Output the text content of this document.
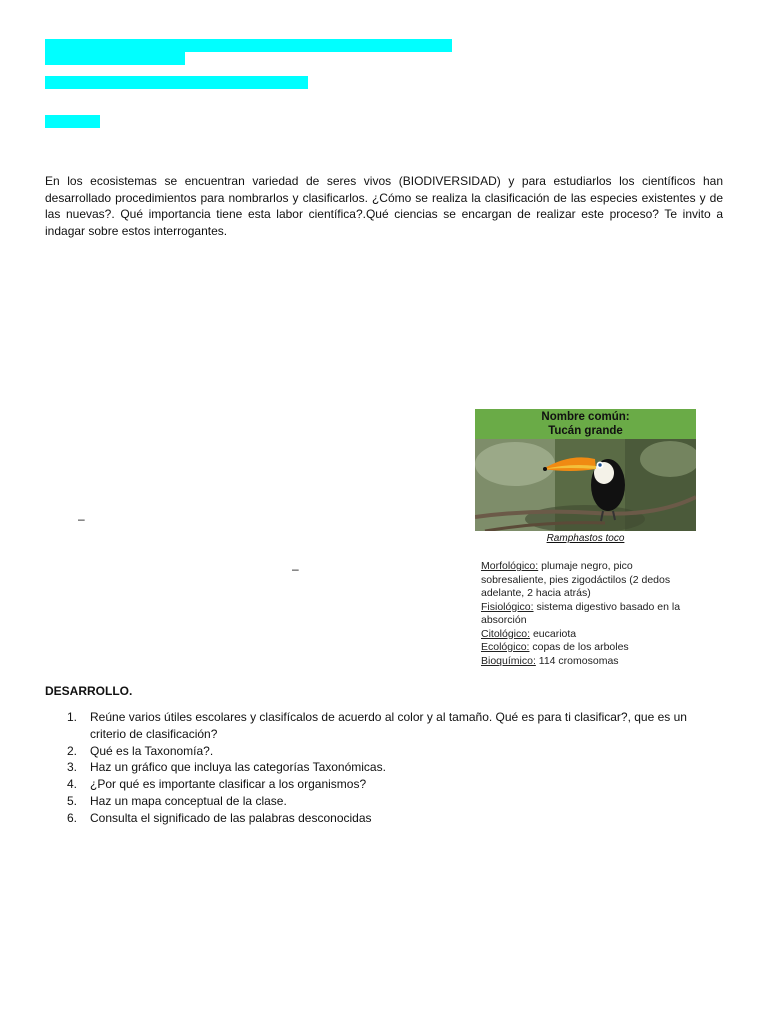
En los ecosistemas se encuentran variedad de seres vivos (BIODIVERSIDAD) y para estudiarlos los científicos han desarrollado procedimientos para nombrarlos y clasificarlos. ¿Cómo se realiza la clasificación de las especies existentes y de las nuevas?. Qué importancia tiene esta labor científica?.Qué ciencias se encargan de realizar este proceso? Te invito a indagar sobre estos interrogantes.

–
–
Nombre común:
Tucán grande
Ramphastos toco
Morfológico: plumaje negro, pico sobresaliente, pies zigodáctilos (2 dedos adelante, 2 hacia atrás)
Fisiológico: sistema digestivo basado en la absorción
Citológico: eucariota
Ecológico: copas de los arboles
Bioquímico: 114 cromosomas

DESARROLLO.

1. Reúne varios útiles escolares y clasifícalos de acuerdo al color y al tamaño. Qué es para ti clasificar?, que es un criterio de clasificación?
2. Qué es la Taxonomía?.
3. Haz un gráfico que incluya las categorías Taxonómicas.
4. ¿Por qué es importante clasificar a los organismos?
5. Haz un mapa conceptual de la clase.
6. Consulta el significado de las palabras desconocidas
